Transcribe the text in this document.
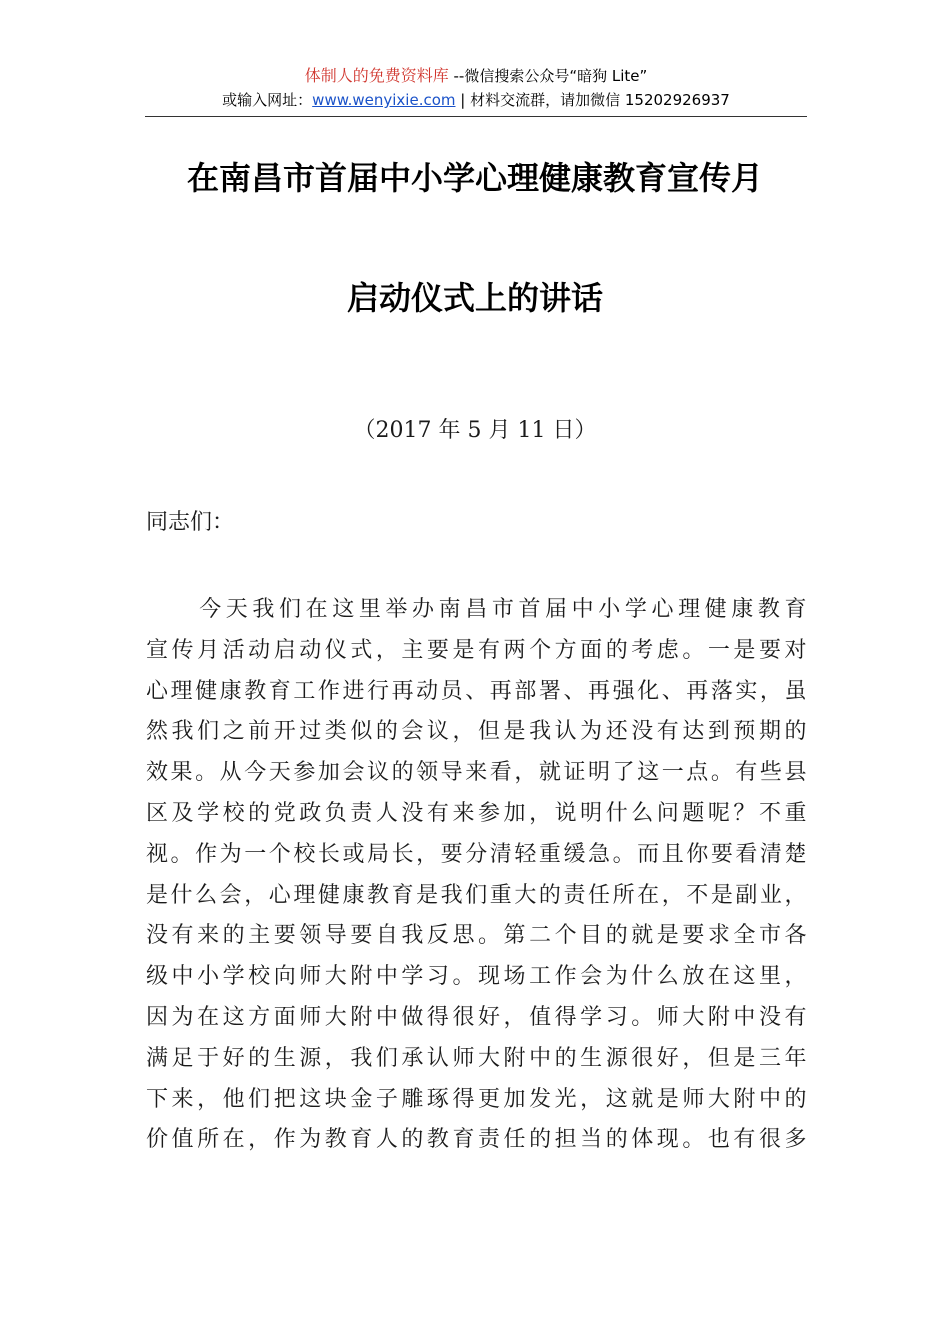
体制人的免费资料库 --微信搜索公众号“暗狗 Lite”
或输入网址：www.wenyixie.com | 材料交流群，请加微信 15202926937
在南昌市首届中小学心理健康教育宣传月
启动仪式上的讲话
（2017 年 5 月 11 日）
同志们：
　　今天我们在这里举办南昌市首届中小学心理健康教育
宣传月活动启动仪式，主要是有两个方面的考虑。一是要对
心理健康教育工作进行再动员、再部署、再强化、再落实，虽
然我们之前开过类似的会议，但是我认为还没有达到预期的
效果。从今天参加会议的领导来看，就证明了这一点。有些县
区及学校的党政负责人没有来参加，说明什么问题呢？不重
视。作为一个校长或局长，要分清轻重缓急。而且你要看清楚
是什么会，心理健康教育是我们重大的责任所在，不是副业，
没有来的主要领导要自我反思。第二个目的就是要求全市各
级中小学校向师大附中学习。现场工作会为什么放在这里，
因为在这方面师大附中做得很好，值得学习。师大附中没有
满足于好的生源，我们承认师大附中的生源很好，但是三年
下来，他们把这块金子雕琢得更加发光，这就是师大附中的
价值所在，作为教育人的教育责任的担当的体现。也有很多
